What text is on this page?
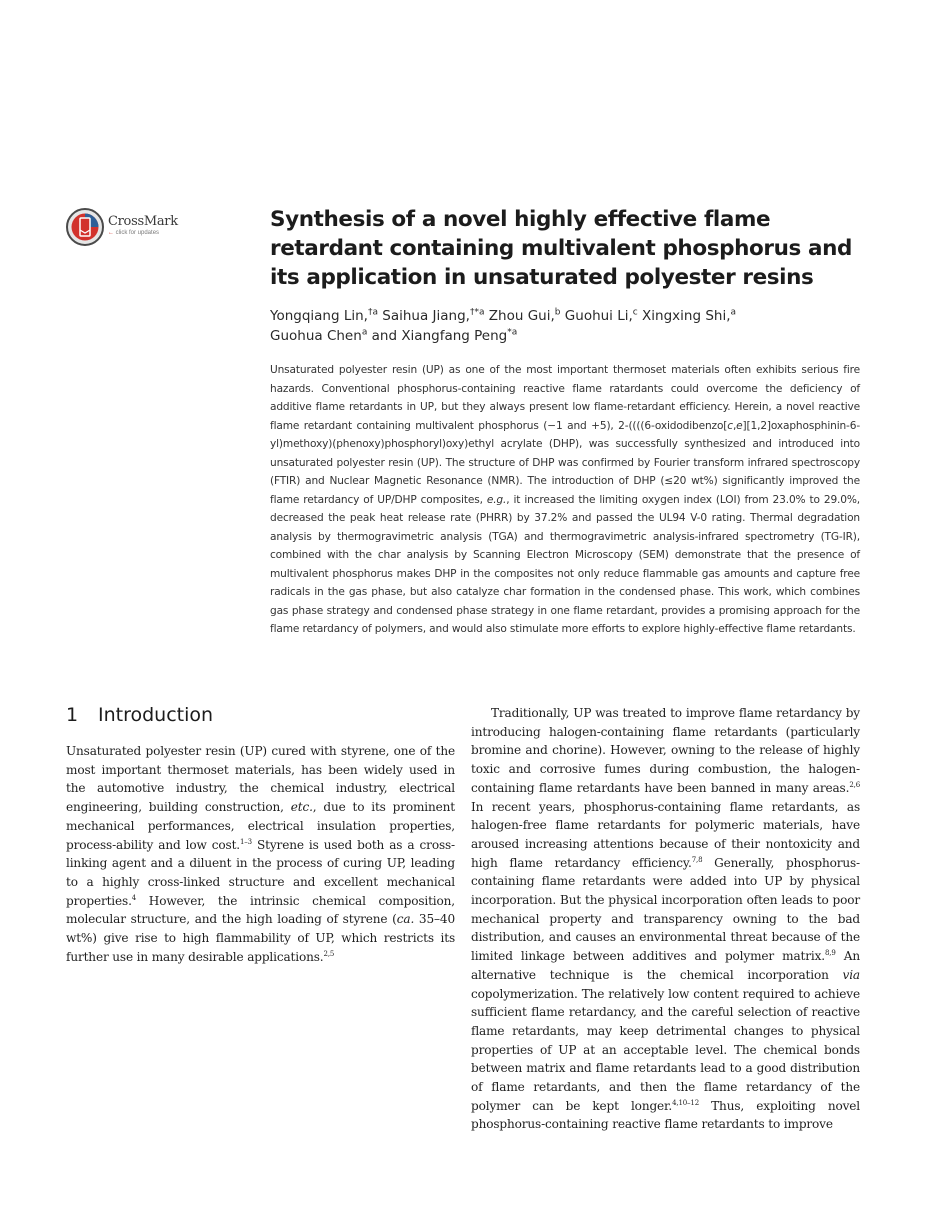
CrossMark
← click for updates
Synthesis of a novel highly effective flame retardant containing multivalent phosphorus and its application in unsaturated polyester resins

Yongqiang Lin,$^{\dagger a}$ Saihua Jiang,$^{\dagger*a}$ Zhou Gui,$^b$ Guohui Li,$^c$ Xingxing Shi,$^a$
Guohua Chen$^a$ and Xiangfang Peng$^{*a}$

Unsaturated polyester resin (UP) as one of the most important thermoset materials often exhibits serious fire hazards. Conventional phosphorus-containing reactive flame ratardants could overcome the deficiency of additive flame retardants in UP, but they always present low flame-retardant efficiency. Herein, a novel reactive flame retardant containing multivalent phosphorus (−1 and +5), 2-((((6-oxidodibenzo[c,e][1,2]oxaphosphinin-6-yl)methoxy)(phenoxy)phosphoryl)oxy)ethyl acrylate (DHP), was successfully synthesized and introduced into unsaturated polyester resin (UP). The structure of DHP was confirmed by Fourier transform infrared spectroscopy (FTIR) and Nuclear Magnetic Resonance (NMR). The introduction of DHP (≤20 wt%) significantly improved the flame retardancy of UP/DHP composites, e.g., it increased the limiting oxygen index (LOI) from 23.0% to 29.0%, decreased the peak heat release rate (PHRR) by 37.2% and passed the UL94 V-0 rating. Thermal degradation analysis by thermogravimetric analysis (TGA) and thermogravimetric analysis-infrared spectrometry (TG-IR), combined with the char analysis by Scanning Electron Microscopy (SEM) demonstrate that the presence of multivalent phosphorus makes DHP in the composites not only reduce flammable gas amounts and capture free radicals in the gas phase, but also catalyze char formation in the condensed phase. This work, which combines gas phase strategy and condensed phase strategy in one flame retardant, provides a promising approach for the flame retardancy of polymers, and would also stimulate more efforts to explore highly-effective flame retardants.

1 Introduction

Unsaturated polyester resin (UP) cured with styrene, one of the most important thermoset materials, has been widely used in the automotive industry, the chemical industry, electrical engineering, building construction, etc., due to its prominent mechanical performances, electrical insulation properties, process-ability and low cost.$^{1-3}$ Styrene is used both as a cross-linking agent and a diluent in the process of curing UP, leading to a highly cross-linked structure and excellent mechanical properties.$^4$ However, the intrinsic chemical composition, molecular structure, and the high loading of styrene (ca. 35–40 wt%) give rise to high flammability of UP, which restricts its further use in many desirable applications.$^{2,5}$

Traditionally, UP was treated to improve flame retardancy by introducing halogen-containing flame retardants (particularly bromine and chorine). However, owning to the release of highly toxic and corrosive fumes during combustion, the halogen-containing flame retardants have been banned in many areas.$^{2,6}$ In recent years, phosphorus-containing flame retardants, as halogen-free flame retardants for polymeric materials, have aroused increasing attentions because of their nontoxicity and high flame retardancy efficiency.$^{7,8}$ Generally, phosphorus-containing flame retardants were added into UP by physical incorporation. But the physical incorporation often leads to poor mechanical property and transparency owning to the bad distribution, and causes an environmental threat because of the limited linkage between additives and polymer matrix.$^{8,9}$ An alternative technique is the chemical incorporation via copolymerization. The relatively low content required to achieve sufficient flame retardancy, and the careful selection of reactive flame retardants, may keep detrimental changes to physical properties of UP at an acceptable level. The chemical bonds between matrix and flame retardants lead to a good distribution of flame retardants, and then the flame retardancy of the polymer can be kept longer.$^{4,10-12}$ Thus, exploiting novel phosphorus-containing reactive flame retardants to improve
